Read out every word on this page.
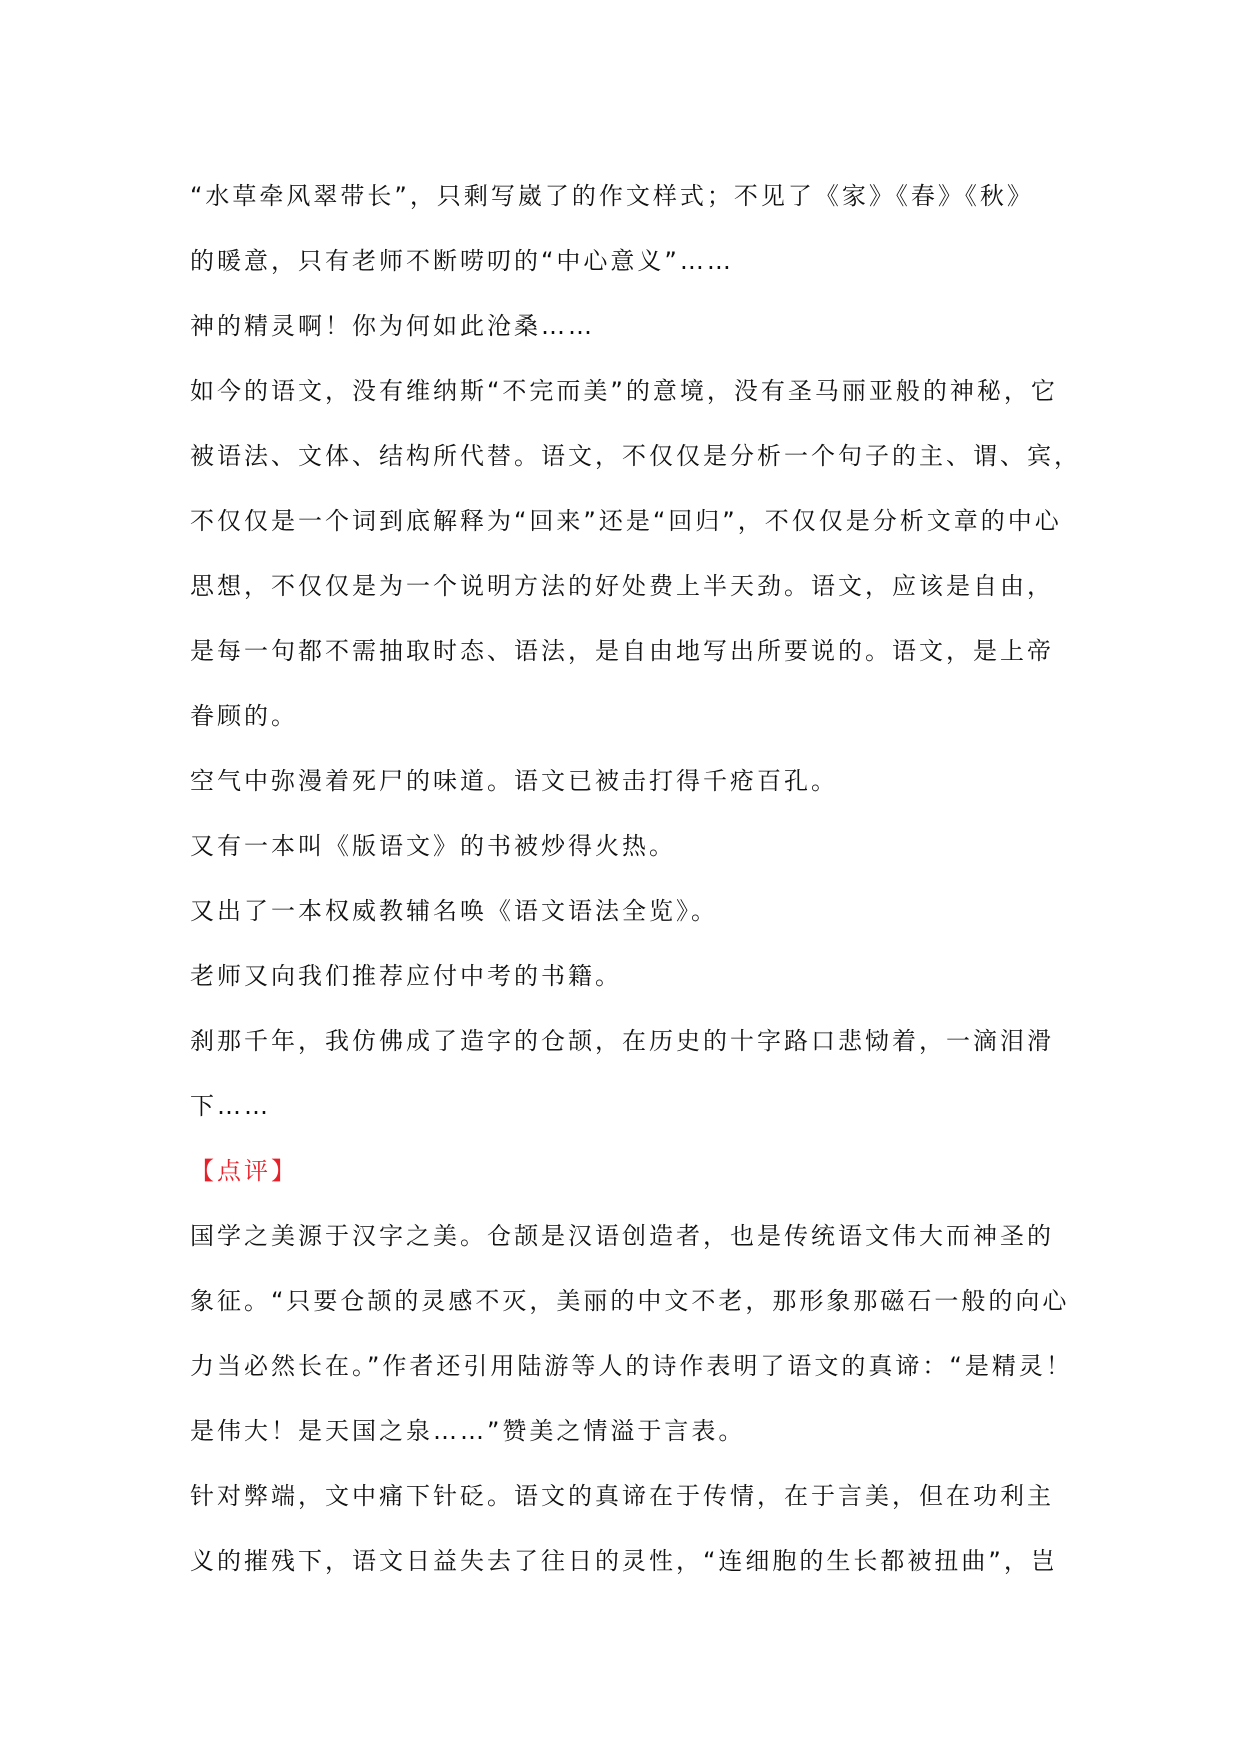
“水草牵风翠带长”，只剩写崴了的作文样式；不见了《家》《春》《秋》
的暖意，只有老师不断唠叨的“中心意义”……
神的精灵啊！你为何如此沧桑……
如今的语文，没有维纳斯“不完而美”的意境，没有圣马丽亚般的神秘，它
被语法、文体、结构所代替。语文，不仅仅是分析一个句子的主、谓、宾，
不仅仅是一个词到底解释为“回来”还是“回归”，不仅仅是分析文章的中心
思想，不仅仅是为一个说明方法的好处费上半天劲。语文，应该是自由，
是每一句都不需抽取时态、语法，是自由地写出所要说的。语文，是上帝
眷顾的。
空气中弥漫着死尸的味道。语文已被击打得千疮百孔。
又有一本叫《版语文》的书被炒得火热。
又出了一本权威教辅名唤《语文语法全览》。
老师又向我们推荐应付中考的书籍。
刹那千年，我仿佛成了造字的仓颉，在历史的十字路口悲恸着，一滴泪滑
下……
【点评】
国学之美源于汉字之美。仓颉是汉语创造者，也是传统语文伟大而神圣的
象征。“只要仓颉的灵感不灭，美丽的中文不老，那形象那磁石一般的向心
力当必然长在。”作者还引用陆游等人的诗作表明了语文的真谛：“是精灵！
是伟大！是天国之泉……”赞美之情溢于言表。
针对弊端，文中痛下针砭。语文的真谛在于传情，在于言美，但在功利主
义的摧残下，语文日益失去了往日的灵性，“连细胞的生长都被扭曲”，岂
